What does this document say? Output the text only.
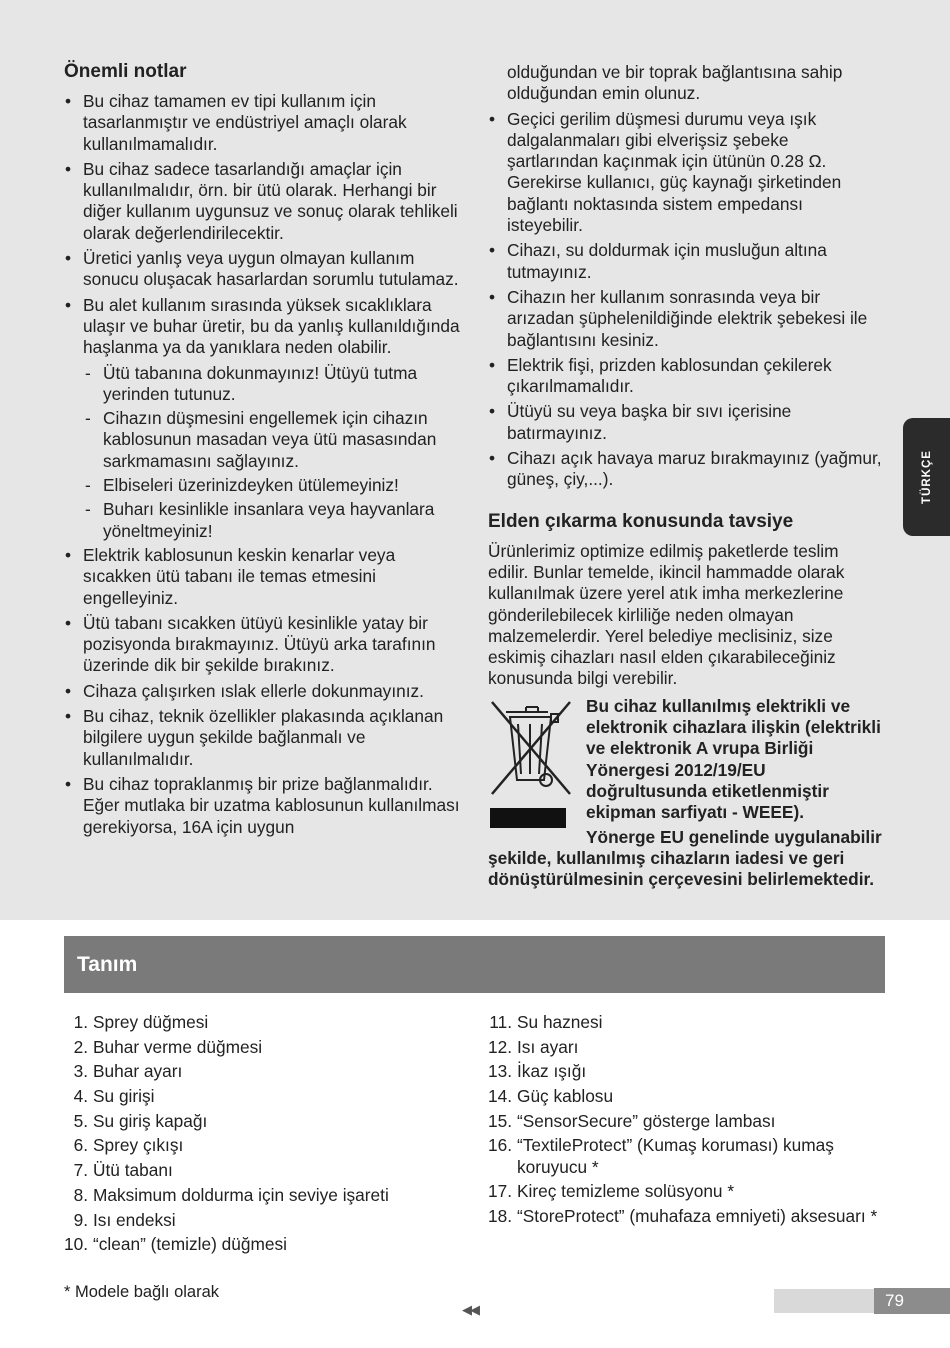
Önemli notlar
• Bu cihaz tamamen ev tipi kullanım için tasarlanmıştır ve endüstriyel amaçlı olarak kullanılmamalıdır.
• Bu cihaz sadece tasarlandığı amaçlar için kullanılmalıdır, örn. bir ütü olarak. Herhangi bir diğer kullanım uygunsuz ve sonuç olarak tehlikeli olarak değerlendirilecektir.
• Üretici yanlış veya uygun olmayan kullanım sonucu oluşacak hasarlardan sorumlu tutulamaz.
• Bu alet kullanım sırasında yüksek sıcaklıklara ulaşır ve buhar üretir, bu da yanlış kullanıldığında haşlanma ya da yanıklara neden olabilir.
- Ütü tabanına dokunmayınız! Ütüyü tutma yerinden tutunuz.
- Cihazın düşmesini engellemek için cihazın kablosunun masadan veya ütü masasından sarkmamasını sağlayınız.
- Elbiseleri üzerinizdeyken ütülemeyiniz!
- Buharı kesinlikle insanlara veya hayvanlara yöneltmeyiniz!
• Elektrik kablosunun keskin kenarlar veya sıcakken ütü tabanı ile temas etmesini engelleyiniz.
• Ütü tabanı sıcakken ütüyü kesinlikle yatay bir pozisyonda bırakmayınız. Ütüyü arka tarafının üzerinde dik bir şekilde bırakınız.
• Cihaza çalışırken ıslak ellerle dokunmayınız.
• Bu cihaz, teknik özellikler plakasında açıklanan bilgilere uygun şekilde bağlanmalı ve kullanılmalıdır.
• Bu cihaz topraklanmış bir prize bağlanmalıdır. Eğer mutlaka bir uzatma kablosunun kullanılması gerekiyorsa, 16A için uygun

olduğundan ve bir toprak bağlantısına sahip olduğundan emin olunuz.

• Geçici gerilim düşmesi durumu veya ışık dalgalanmaları gibi elverişsiz şebeke şartlarından kaçınmak için ütünün 0.28 Ω. Gerekirse kullanıcı, güç kaynağı şirketinden bağlantı noktasında sistem empedansı isteyebilir.
• Cihazı, su doldurmak için musluğun altına tutmayınız.
• Cihazın her kullanım sonrasında veya bir arızadan şüphelenildiğinde elektrik şebekesi ile bağlantısını kesiniz.
• Elektrik fişi, prizden kablosundan çekilerek çıkarılmamalıdır.
• Ütüyü su veya başka bir sıvı içerisine batırmayınız.
• Cihazı açık havaya maruz bırakmayınız (yağmur, güneş, çiy,...).
Elden çıkarma konusunda tavsiye

Ürünlerimiz optimize edilmiş paketlerde teslim edilir. Bunlar temelde, ikincil hammadde olarak kullanılmak üzere yerel atık imha merkezlerine gönderilebilecek kirliliğe neden olmayan malzemelerdir. Yerel belediye meclisiniz, size eskimiş cihazları nasıl elden çıkarabileceğiniz konusunda bilgi verebilir.

Bu cihaz kullanılmış elektrikli ve elektronik cihazlara ilişkin (elektrikli ve elektronik A vrupa Birliği Yönergesi 2012/19/EU doğrultusunda etiketlenmiştir ekipman sarfiyatı - WEEE).

Yönerge EU genelinde uygulanabilir şekilde, kullanılmış cihazların iadesi ve geri dönüştürülmesinin çerçevesini belirlemektedir.

TÜRKÇE
Tanım
1. Sprey düğmesi
2. Buhar verme düğmesi
3. Buhar ayarı
4. Su girişi
5. Su giriş kapağı
6. Sprey çıkışı
7. Ütü tabanı
8. Maksimum doldurma için seviye işareti
9. Isı endeksi
10. “clean” (temizle) düğmesi
11. Su haznesi
12. Isı ayarı
13. İkaz ışığı
14. Güç kablosu
15. “SensorSecure” gösterge lambası
16. “TextileProtect” (Kumaş koruması) kumaş koruyucu *
17. Kireç temizleme solüsyonu *
18. “StoreProtect” (muhafaza emniyeti) aksesuarı *
* Modele bağlı olarak
◀◀	79
